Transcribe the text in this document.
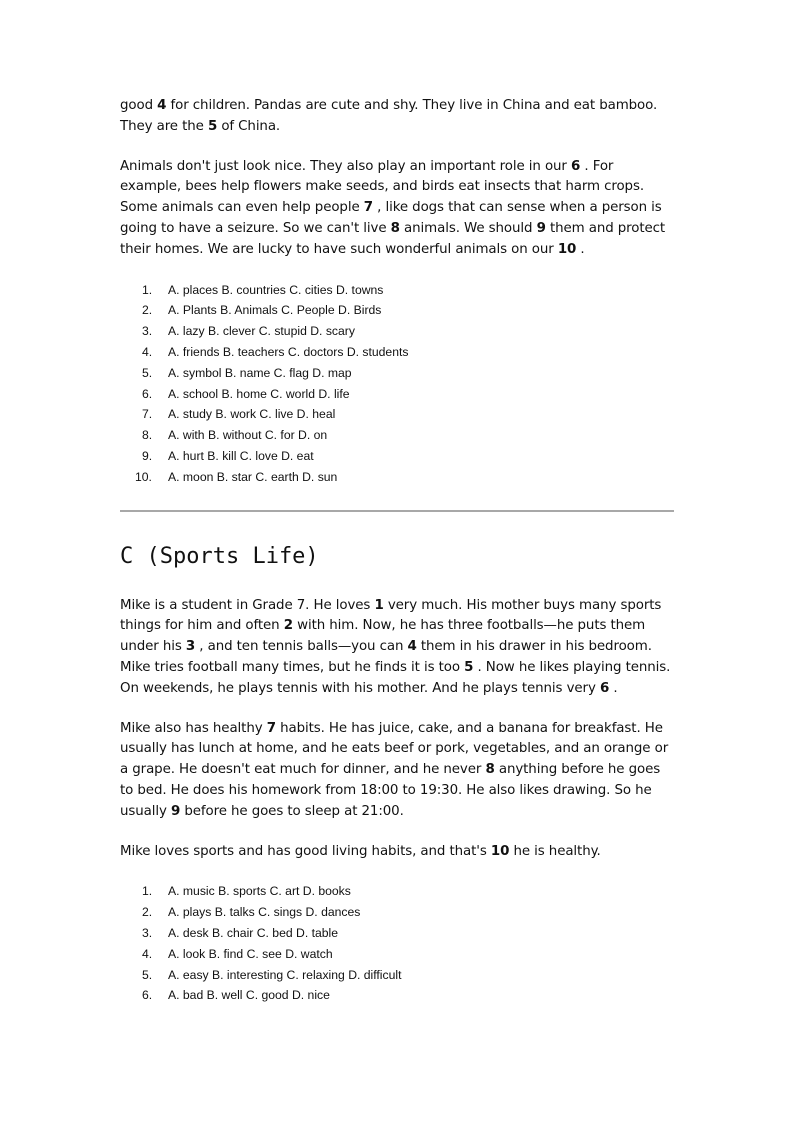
good 4 for children. Pandas are cute and shy. They live in China and eat bamboo. They are the 5 of China.

Animals don't just look nice. They also play an important role in our 6 . For example, bees help flowers make seeds, and birds eat insects that harm crops. Some animals can even help people 7 , like dogs that can sense when a person is going to have a seizure. So we can't live 8 animals. We should 9 them and protect their homes. We are lucky to have such wonderful animals on our 10 .

1. A. places B. countries C. cities D. towns
2. A. Plants B. Animals C. People D. Birds
3. A. lazy B. clever C. stupid D. scary
4. A. friends B. teachers C. doctors D. students
5. A. symbol B. name C. flag D. map
6. A. school B. home C. world D. life
7. A. study B. work C. live D. heal
8. A. with B. without C. for D. on
9. A. hurt B. kill C. love D. eat
10. A. moon B. star C. earth D. sun
C (Sports Life)

Mike is a student in Grade 7. He loves 1 very much. His mother buys many sports things for him and often 2 with him. Now, he has three footballs—he puts them under his 3 , and ten tennis balls—you can 4 them in his drawer in his bedroom. Mike tries football many times, but he finds it is too 5 . Now he likes playing tennis. On weekends, he plays tennis with his mother. And he plays tennis very 6 .

Mike also has healthy 7 habits. He has juice, cake, and a banana for breakfast. He usually has lunch at home, and he eats beef or pork, vegetables, and an orange or a grape. He doesn't eat much for dinner, and he never 8 anything before he goes to bed. He does his homework from 18:00 to 19:30. He also likes drawing. So he usually 9 before he goes to sleep at 21:00.

Mike loves sports and has good living habits, and that's 10 he is healthy.

1. A. music B. sports C. art D. books
2. A. plays B. talks C. sings D. dances
3. A. desk B. chair C. bed D. table
4. A. look B. find C. see D. watch
5. A. easy B. interesting C. relaxing D. difficult
6. A. bad B. well C. good D. nice
